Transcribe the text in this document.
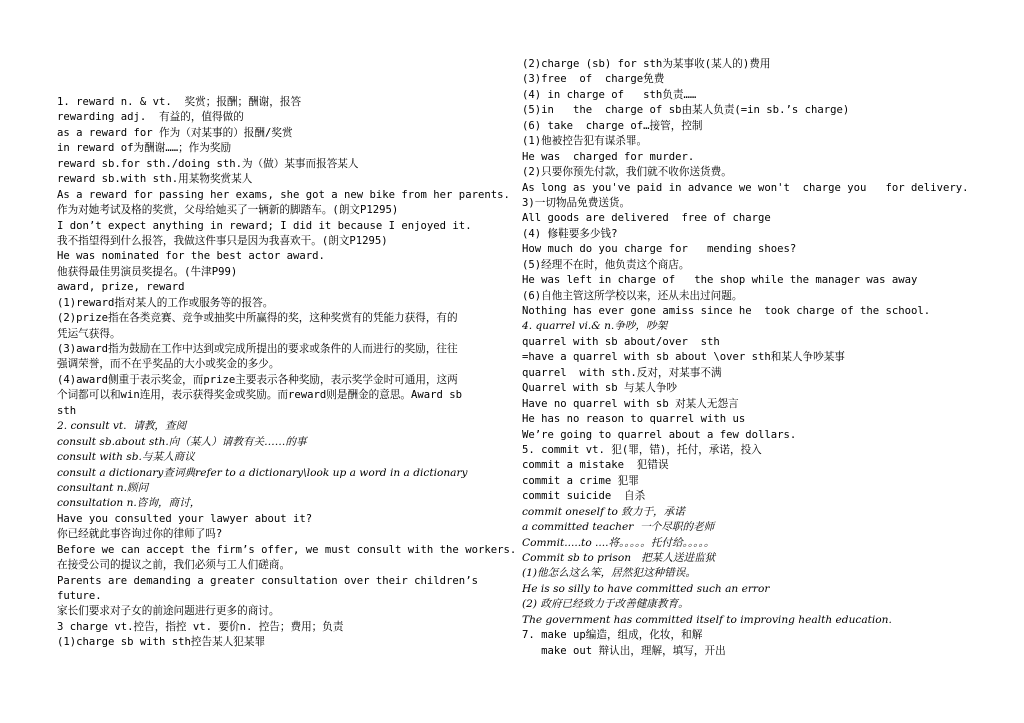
1. reward n. & vt.  奖赏；报酬；酬谢，报答
rewarding adj.  有益的，值得做的
as a reward for 作为（对某事的）报酬/奖赏
in reward of为酬谢……；作为奖励
reward sb.for sth./doing sth.为（做）某事而报答某人
reward sb.with sth.用某物奖赏某人
As a reward for passing her exams, she got a new bike from her parents.
作为对她考试及格的奖赏，父母给她买了一辆新的脚踏车。(朗文P1295)
I don’t expect anything in reward; I did it because I enjoyed it.
我不指望得到什么报答，我做这件事只是因为我喜欢干。(朗文P1295)
He was nominated for the best actor award.
他获得最佳男演员奖提名。(牛津P99)
award, prize, reward
(1)reward指对某人的工作或服务等的报答。
(2)prize指在各类竞赛、竞争或抽奖中所赢得的奖，这种奖赏有的凭能力获得，有的
凭运气获得。
(3)award指为鼓励在工作中达到或完成所提出的要求或条件的人而进行的奖励，往往
强调荣誉，而不在乎奖品的大小或奖金的多少。
(4)award侧重于表示奖金，而prize主要表示各种奖励，表示奖学金时可通用，这两
个词都可以和win连用，表示获得奖金或奖励。而reward则是酬金的意思。Award sb
sth
2. consult vt.  请教，查阅
consult sb.about sth.向（某人）请教有关……的事
consult with sb.与某人商议
consult a dictionary查词典refer to a dictionary\look up a word in a dictionary
consultant n.顾问
consultation n.咨询，商讨，
Have you consulted your lawyer about it?
你已经就此事咨询过你的律师了吗?
Before we can accept the firm’s offer, we must consult with the workers.
在接受公司的提议之前，我们必须与工人们磋商。
Parents are demanding a greater consultation over their children’s
future.
家长们要求对子女的前途问题进行更多的商讨。
3 charge vt.控告，指控 vt. 要价n. 控告；费用；负责
(1)charge sb with sth控告某人犯某罪
(2)charge (sb) for sth为某事收(某人的)费用
(3)free  of  charge免费
(4) in charge of   sth负责……
(5)in   the  charge of sb由某人负责(=in sb.’s charge)
(6) take  charge of…接管，控制
(1)他被控告犯有谋杀罪。
He was  charged for murder.
(2)只要你预先付款，我们就不收你送货费。
As long as you've paid in advance we won't  charge you   for delivery.
3)一切物品免费送货。
All goods are delivered  free of charge
(4) 修鞋要多少钱?
How much do you charge for   mending shoes?
(5)经理不在时，他负责这个商店。
He was left in charge of   the shop while the manager was away
(6)自他主管这所学校以来，还从未出过问题。
Nothing has ever gone amiss since he  took charge of the school.
4. quarrel vi.& n.争吵，吵架
quarrel with sb about/over  sth
=have a quarrel with sb about \over sth和某人争吵某事
quarrel  with sth.反对，对某事不满
Quarrel with sb 与某人争吵
Have no quarrel with sb 对某人无怨言
He has no reason to quarrel with us
We’re going to quarrel about a few dollars.
5. commit vt. 犯(罪，错)，托付，承诺，投入
commit a mistake  犯错误
commit a crime 犯罪
commit suicide  自杀
commit oneself to 致力于，承诺
a committed teacher  一个尽职的老师
Commit.....to ....将。。。。。托付给。。。。。
Commit sb to prison   把某人送进监狱
(1)他怎么这么笨，居然犯这种错误。
He is so silly to have committed such an error
(2) 政府已经致力于改善健康教育。
The government has committed itself to improving health education.
7. make up编造，组成，化妆，和解
make out 辩认出，理解，填写，开出
